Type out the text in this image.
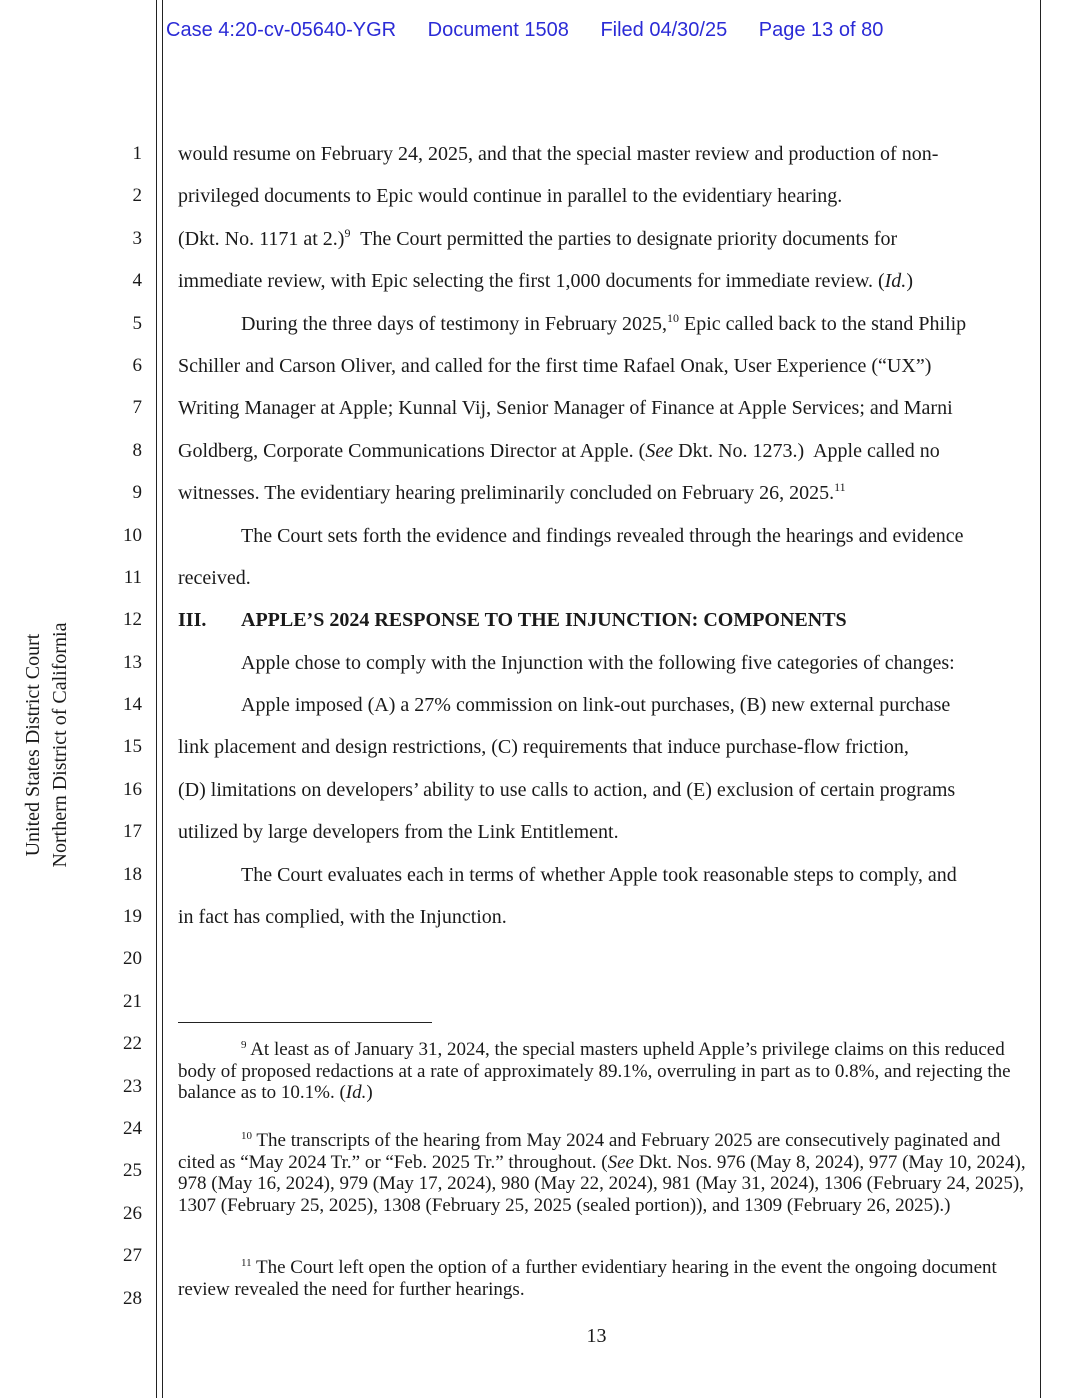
Case 4:20-cv-05640-YGR Document 1508 Filed 04/30/25 Page 13 of 80
United States District Court Northern District of California
1
2
3
4
5
6
7
8
9
10
11
12
13
14
15
16
17
18
19
20
21
22
23
24
25
26
27
28
would resume on February 24, 2025, and that the special master review and production of non-
privileged documents to Epic would continue in parallel to the evidentiary hearing.
(Dkt. No. 1171 at 2.)$^9$  The Court permitted the parties to designate priority documents for
immediate review, with Epic selecting the first 1,000 documents for immediate review. (Id.)
During the three days of testimony in February 2025,10 Epic called back to the stand Philip
Schiller and Carson Oliver, and called for the first time Rafael Onak, User Experience (“UX”)
Writing Manager at Apple; Kunnal Vij, Senior Manager of Finance at Apple Services; and Marni
Goldberg, Corporate Communications Director at Apple. (See Dkt. No. 1273.)  Apple called no
witnesses. The evidentiary hearing preliminarily concluded on February 26, 2025.11
The Court sets forth the evidence and findings revealed through the hearings and evidence
received.
III. APPLE’S 2024 RESPONSE TO THE INJUNCTION: COMPONENTS
Apple chose to comply with the Injunction with the following five categories of changes:
Apple imposed (A) a 27% commission on link-out purchases, (B) new external purchase
link placement and design restrictions, (C) requirements that induce purchase-flow friction,
(D) limitations on developers’ ability to use calls to action, and (E) exclusion of certain programs
utilized by large developers from the Link Entitlement.
The Court evaluates each in terms of whether Apple took reasonable steps to comply, and
in fact has complied, with the Injunction.

$^9$ At least as of January 31, 2024, the special masters upheld Apple’s privilege claims on this reduced body of proposed redactions at a rate of approximately 89.1%, overruling in part as to 0.8%, and rejecting the balance as to 10.1%. (Id.)

$^{10}$ The transcripts of the hearing from May 2024 and February 2025 are consecutively paginated and cited as “May 2024 Tr.” or “Feb. 2025 Tr.” throughout. (See Dkt. Nos. 976 (May 8, 2024), 977 (May 10, 2024), 978 (May 16, 2024), 979 (May 17, 2024), 980 (May 22, 2024), 981 (May 31, 2024), 1306 (February 24, 2025), 1307 (February 25, 2025), 1308 (February 25, 2025 (sealed portion)), and 1309 (February 26, 2025).)

$^{11}$ The Court left open the option of a further evidentiary hearing in the event the ongoing document review revealed the need for further hearings.

13
